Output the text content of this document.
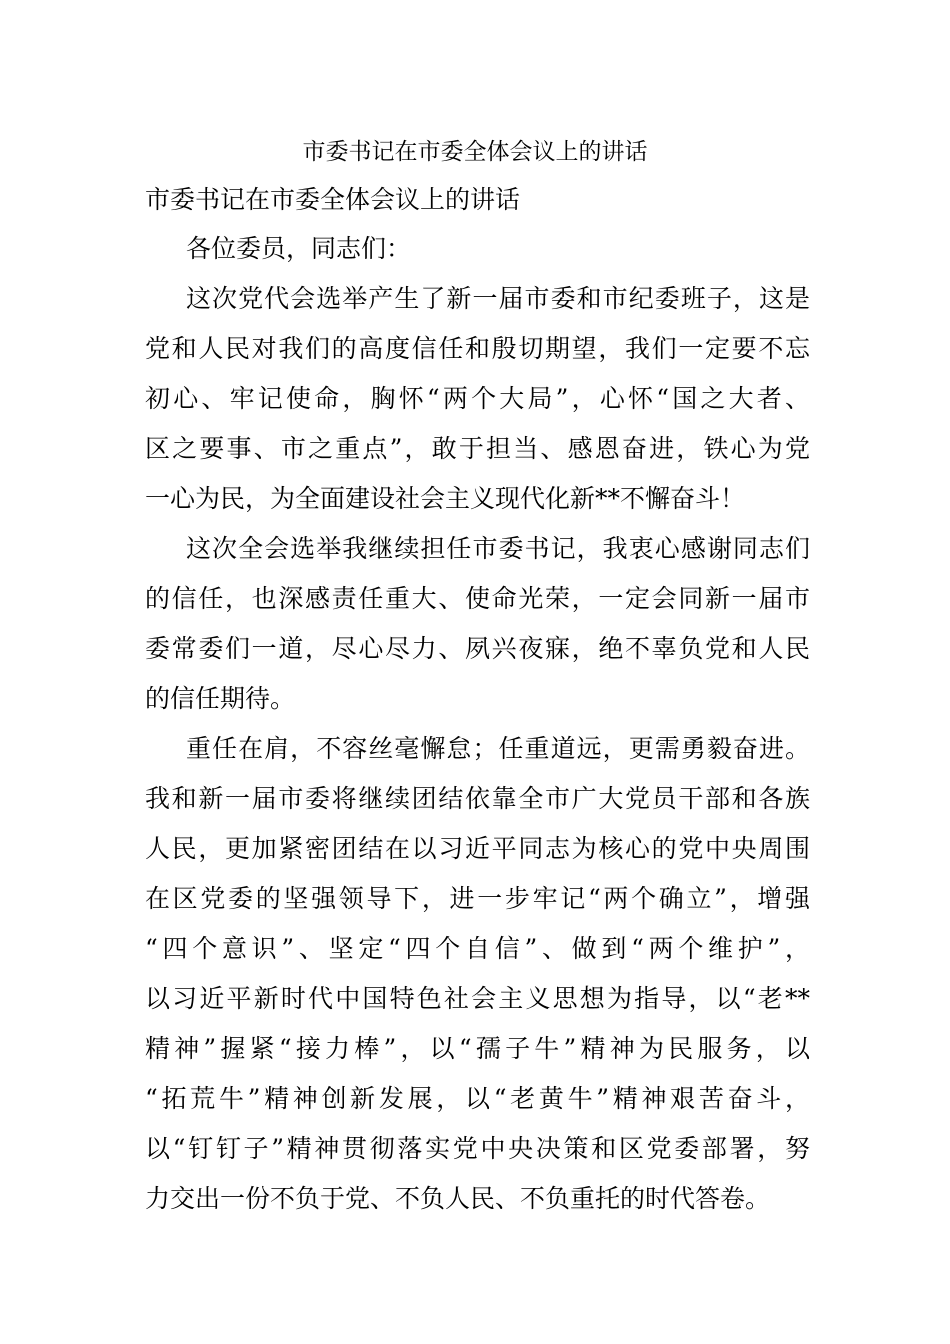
市委书记在市委全体会议上的讲话
市委书记在市委全体会议上的讲话

各位委员，同志们：

这次党代会选举产生了新一届市委和市纪委班子，这是
党和人民对我们的高度信任和殷切期望，我们一定要不忘
初心、牢记使命，胸怀“两个大局”，心怀“国之大者、
区之要事、市之重点”，敢于担当、感恩奋进，铁心为党
一心为民，为全面建设社会主义现代化新**不懈奋斗！
这次全会选举我继续担任市委书记，我衷心感谢同志们
的信任，也深感责任重大、使命光荣，一定会同新一届市
委常委们一道，尽心尽力、夙兴夜寐，绝不辜负党和人民
的信任期待。
重任在肩，不容丝毫懈怠；任重道远，更需勇毅奋进。
我和新一届市委将继续团结依靠全市广大党员干部和各族
人民，更加紧密团结在以习近平同志为核心的党中央周围
在区党委的坚强领导下，进一步牢记“两个确立”，增强
“四个意识”、坚定“四个自信”、做到“两个维护”，
以习近平新时代中国特色社会主义思想为指导，以“老**
精神”握紧“接力棒”，以“孺子牛”精神为民服务，以
“拓荒牛”精神创新发展，以“老黄牛”精神艰苦奋斗，
以“钉钉子”精神贯彻落实党中央决策和区党委部署，努
力交出一份不负于党、不负人民、不负重托的时代答卷。
